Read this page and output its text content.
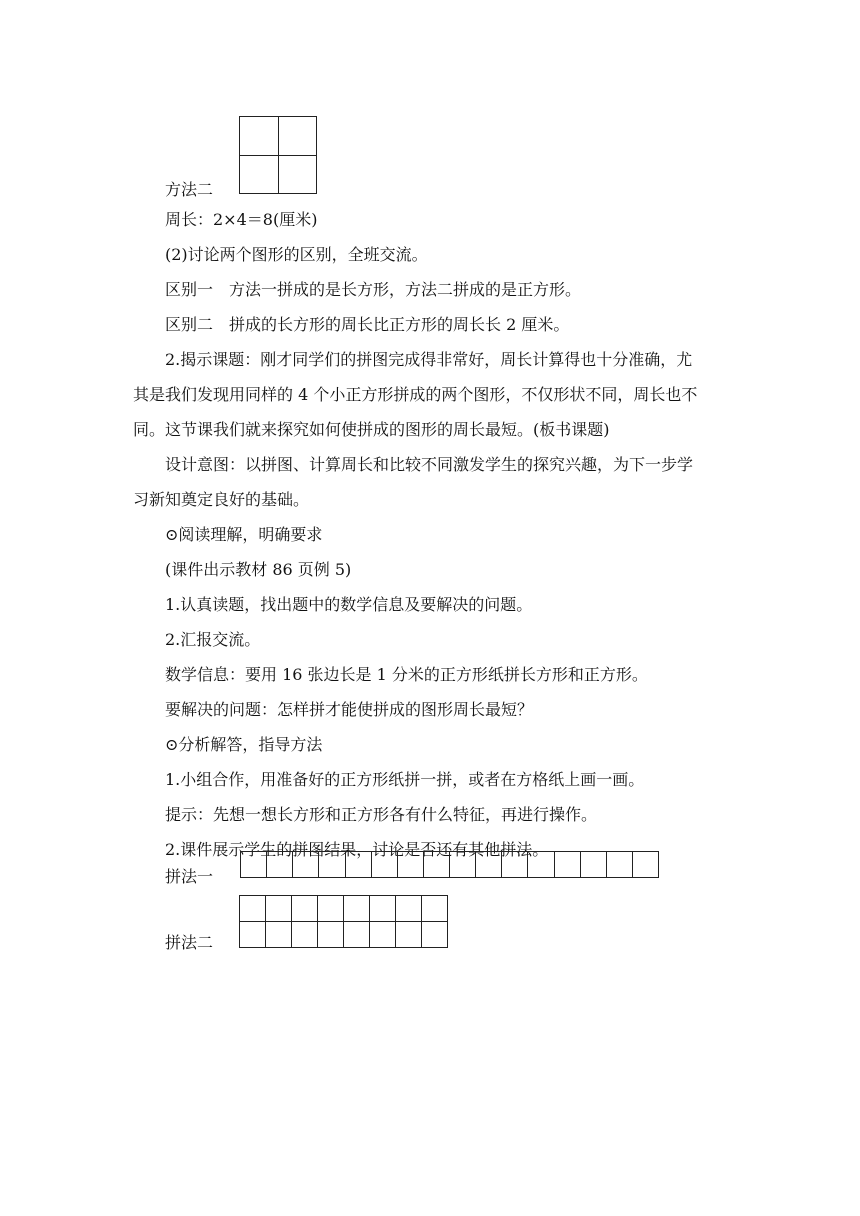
方法二
周长：2×4＝8(厘米)
(2)讨论两个图形的区别，全班交流。
区别一　方法一拼成的是长方形，方法二拼成的是正方形。
区别二　拼成的长方形的周长比正方形的周长长 2 厘米。
2.揭示课题：刚才同学们的拼图完成得非常好，周长计算得也十分准确，尤
其是我们发现用同样的 4 个小正方形拼成的两个图形，不仅形状不同，周长也不
同。这节课我们就来探究如何使拼成的图形的周长最短。(板书课题)
设计意图：以拼图、计算周长和比较不同激发学生的探究兴趣，为下一步学
习新知奠定良好的基础。
⊙阅读理解，明确要求
(课件出示教材 86 页例 5)
1.认真读题，找出题中的数学信息及要解决的问题。
2.汇报交流。
数学信息：要用 16 张边长是 1 分米的正方形纸拼长方形和正方形。
要解决的问题：怎样拼才能使拼成的图形周长最短？
⊙分析解答，指导方法
1.小组合作，用准备好的正方形纸拼一拼，或者在方格纸上画一画。
提示：先想一想长方形和正方形各有什么特征，再进行操作。
2.课件展示学生的拼图结果，讨论是否还有其他拼法。
拼法一
拼法二
